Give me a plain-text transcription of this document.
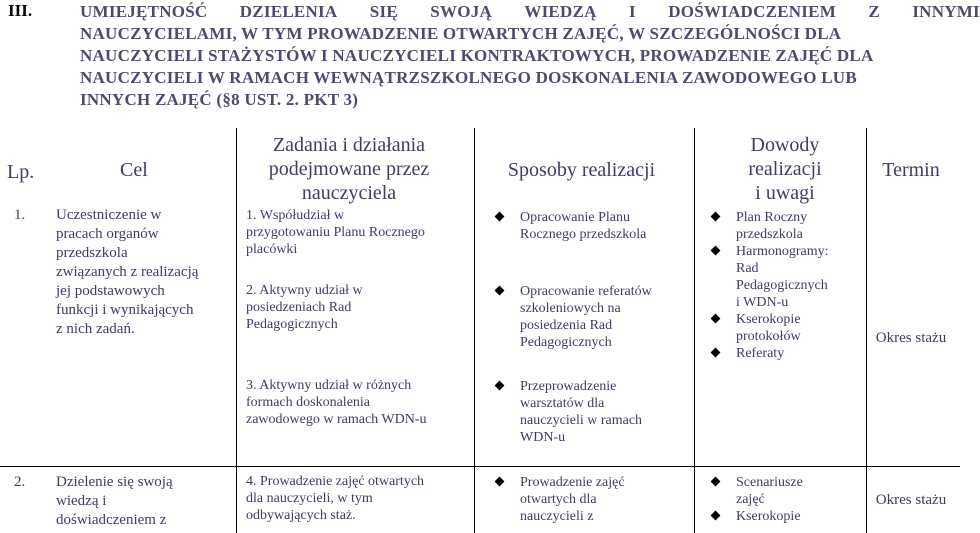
III.	UMIEJĘTNOŚĆ DZIELENIA SIĘ SWOJĄ WIEDZĄ I DOŚWIADCZENIEM Z INNYMI
NAUCZYCIELAMI, W TYM PROWADZENIE OTWARTYCH ZAJĘĆ, W SZCZEGÓLNOŚCI DLA
NAUCZYCIELI STAŻYSTÓW I NAUCZYCIELI KONTRAKTOWYCH, PROWADZENIE ZAJĘĆ DLA
NAUCZYCIELI W RAMACH WEWNĄTRZSZKOLNEGO DOSKONALENIA ZAWODOWEGO LUB
INNYCH ZAJĘĆ (§8 UST. 2. PKT 3)
Lp.	Cel
Zadania i działania
podejmowane przez
nauczyciela
Sposoby realizacji
Dowody
realizacji
i uwagi
Termin
1. Uczestniczenie w
pracach organów
przedszkola
związanych z realizacją
jej podstawowych
funkcji i wynikających
z nich zadań.
1. Współudział w
przygotowaniu Planu Rocznego
placówki
2. Aktywny udział w
posiedzeniach Rad
Pedagogicznych
3. Aktywny udział w różnych
formach doskonalenia
zawodowego w ramach WDN-u
Opracowanie Planu
Rocznego przedszkola
Opracowanie referatów
szkoleniowych na
posiedzenia Rad
Pedagogicznych
Przeprowadzenie
warsztatów dla
nauczycieli w ramach
WDN-u
Plan Roczny
przedszkola
Harmonogramy:
Rad
Pedagogicznych
i WDN-u
Kserokopie
protokołów
Referaty
Okres stażu
2. Dzielenie się swoją
wiedzą i
doświadczeniem z
4. Prowadzenie zajęć otwartych
dla nauczycieli, w tym
odbywających staż.
Prowadzenie zajęć
otwartych dla
nauczycieli z
Scenariusze
zajęć
Kserokopie
Okres stażu
